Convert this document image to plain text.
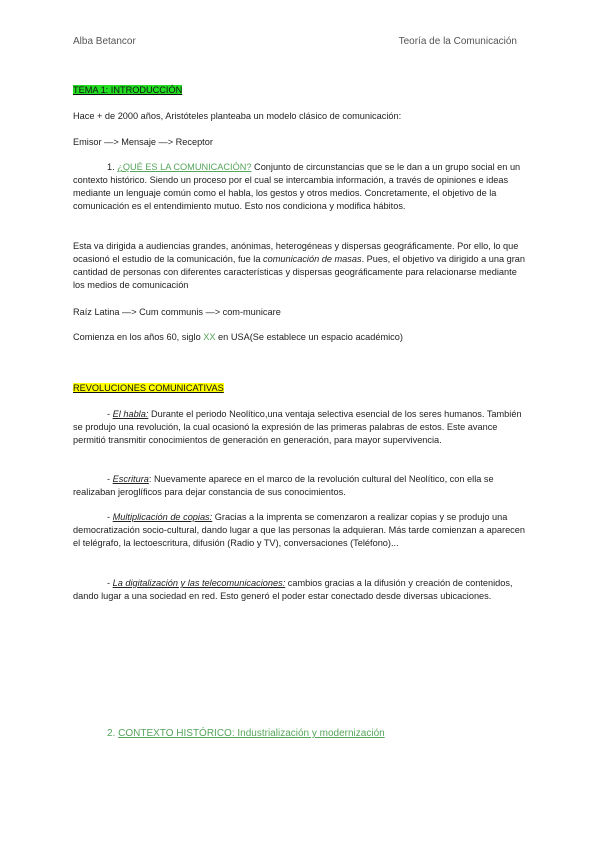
Alba Betancor	Teoría de la Comunicación
TEMA 1: INTRODUCCIÓN
Hace + de 2000 años, Aristóteles planteaba un modelo clásico de comunicación:
Emisor —> Mensaje —> Receptor
1. ¿QUÉ ES LA COMUNICACIÓN? Conjunto de circunstancias que se le dan a un grupo social en un contexto histórico. Siendo un proceso por el cual se intercambia información, a través de opiniones e ideas mediante un lenguaje común como el habla, los gestos y otros medios. Concretamente, el objetivo de la comunicación es el entendimiento mutuo. Esto nos condiciona y modifica hábitos.
Esta va dirigida a audiencias grandes, anónimas, heterogéneas y dispersas geográficamente. Por ello, lo que ocasionó el estudio de la comunicación, fue la comunicación de masas. Pues, el objetivo va dirigido a una gran cantidad de personas con diferentes características y dispersas geográficamente para relacionarse mediante los medios de comunicación
Raíz Latina —> Cum communis —> com-municare
Comienza en los años 60, siglo XX en USA(Se establece un espacio académico)
REVOLUCIONES COMUNICATIVAS
- El habla: Durante el periodo Neolítico,una ventaja selectiva esencial de los seres humanos. También se produjo una revolución, la cual ocasionó la expresión de las primeras palabras de estos. Este avance permitió transmitir conocimientos de generación en generación, para mayor supervivencia.
- Escritura: Nuevamente aparece en el marco de la revolución cultural del Neolítico, con ella se realizaban jeroglíficos para dejar constancia de sus conocimientos.
- Multiplicación de copias: Gracias a la imprenta se comenzaron a realizar copias y se produjo una democratización socio-cultural, dando lugar a que las personas la adquieran. Más tarde comienzan a aparecen el telégrafo, la lectoescritura, difusión (Radio y TV), conversaciones (Teléfono)...
- La digitalización y las telecomunicaciones: cambios gracias a la difusión y creación de contenidos, dando lugar a una sociedad en red. Esto generó el poder estar conectado desde diversas ubicaciones.
2. CONTEXTO HISTÓRICO: Industrialización y modernización
